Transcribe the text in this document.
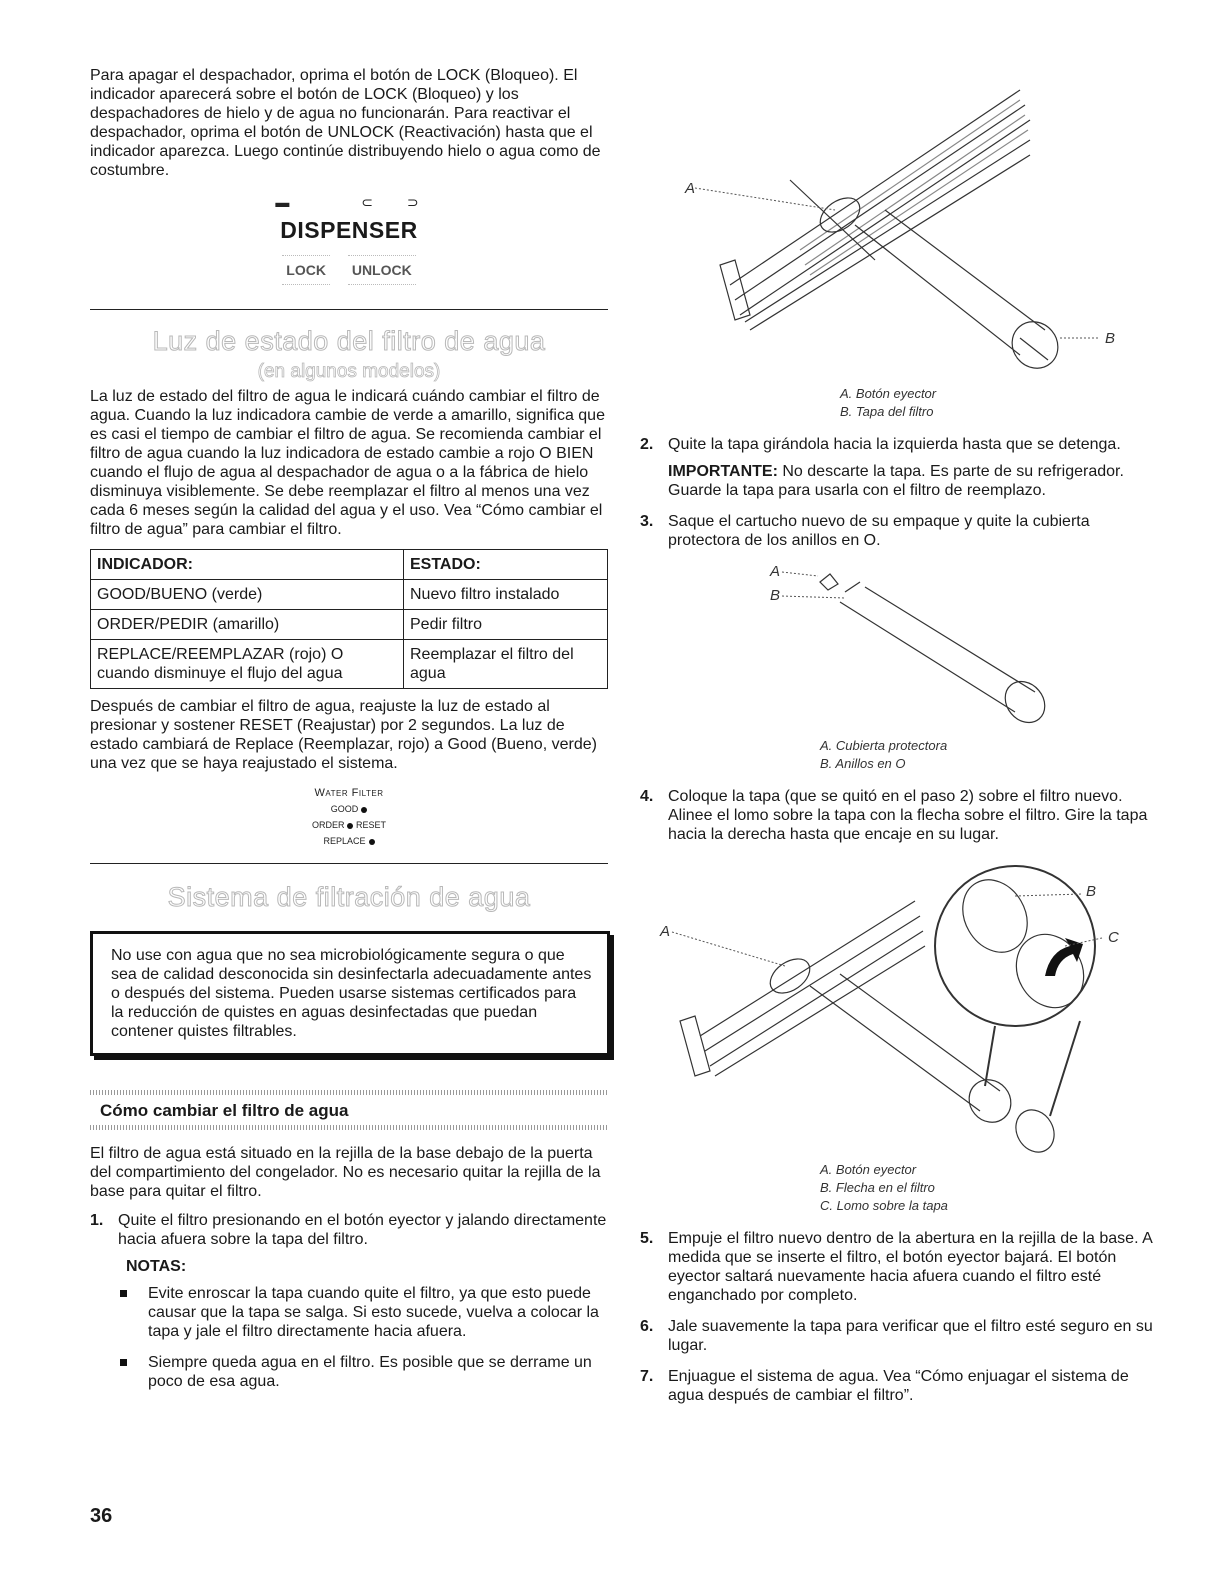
Para apagar el despachador, oprima el botón de LOCK (Bloqueo). El indicador aparecerá sobre el botón de LOCK (Bloqueo) y los despachadores de hielo y de agua no funcionarán. Para reactivar el despachador, oprima el botón de UNLOCK (Reactivación) hasta que el indicador aparezca. Luego continúe distribuyendo hielo o agua como de costumbre.

▬ ⊂⊃
DISPENSER
LOCK UNLOCK
Luz de estado del filtro de agua
(en algunos modelos)

La luz de estado del filtro de agua le indicará cuándo cambiar el filtro de agua. Cuando la luz indicadora cambie de verde a amarillo, significa que es casi el tiempo de cambiar el filtro de agua. Se recomienda cambiar el filtro de agua cuando la luz indicadora de estado cambie a rojo O BIEN cuando el flujo de agua al despachador de agua o a la fábrica de hielo disminuya visiblemente. Se debe reemplazar el filtro al menos una vez cada 6 meses según la calidad del agua y el uso. Vea “Cómo cambiar el filtro de agua” para cambiar el filtro.

INDICADOR:	ESTADO:
GOOD/BUENO (verde)	Nuevo filtro instalado
ORDER/PEDIR (amarillo)	Pedir filtro
REPLACE/REEMPLAZAR (rojo) O cuando disminuye el flujo del agua	Reemplazar el filtro del agua

Después de cambiar el filtro de agua, reajuste la luz de estado al presionar y sostener RESET (Reajustar) por 2 segundos. La luz de estado cambiará de Replace (Reemplazar, rojo) a Good (Bueno, verde) una vez que se haya reajustado el sistema.

Water Filter
GOOD
ORDER RESET
REPLACE
Sistema de filtración de agua

No use con agua que no sea microbiológicamente segura o que sea de calidad desconocida sin desinfectarla adecuadamente antes o después del sistema. Pueden usarse sistemas certificados para la reducción de quistes en aguas desinfectadas que puedan contener quistes filtrables.

Cómo cambiar el filtro de agua

El filtro de agua está situado en la rejilla de la base debajo de la puerta del compartimiento del congelador. No es necesario quitar la rejilla de la base para quitar el filtro.

1. Quite el filtro presionando en el botón eyector y jalando directamente hacia afuera sobre la tapa del filtro.
NOTAS:
Evite enroscar la tapa cuando quite el filtro, ya que esto puede causar que la tapa se salga. Si esto sucede, vuelva a colocar la tapa y jale el filtro directamente hacia afuera.
Siempre queda agua en el filtro. Es posible que se derrame un poco de esa agua.
A
B
A. Botón eyector
B. Tapa del filtro
2. Quite la tapa girándola hacia la izquierda hasta que se detenga.
IMPORTANTE: No descarte la tapa. Es parte de su refrigerador. Guarde la tapa para usarla con el filtro de reemplazo.
3. Saque el cartucho nuevo de su empaque y quite la cubierta protectora de los anillos en O.
A
B
A. Cubierta protectora
B. Anillos en O
4. Coloque la tapa (que se quitó en el paso 2) sobre el filtro nuevo. Alinee el lomo sobre la tapa con la flecha sobre el filtro. Gire la tapa hacia la derecha hasta que encaje en su lugar.
A
B
C
A. Botón eyector
B. Flecha en el filtro
C. Lomo sobre la tapa
5. Empuje el filtro nuevo dentro de la abertura en la rejilla de la base. A medida que se inserte el filtro, el botón eyector bajará. El botón eyector saltará nuevamente hacia afuera cuando el filtro esté enganchado por completo.
6. Jale suavemente la tapa para verificar que el filtro esté seguro en su lugar.
7. Enjuague el sistema de agua. Vea “Cómo enjuagar el sistema de agua después de cambiar el filtro”.
36
